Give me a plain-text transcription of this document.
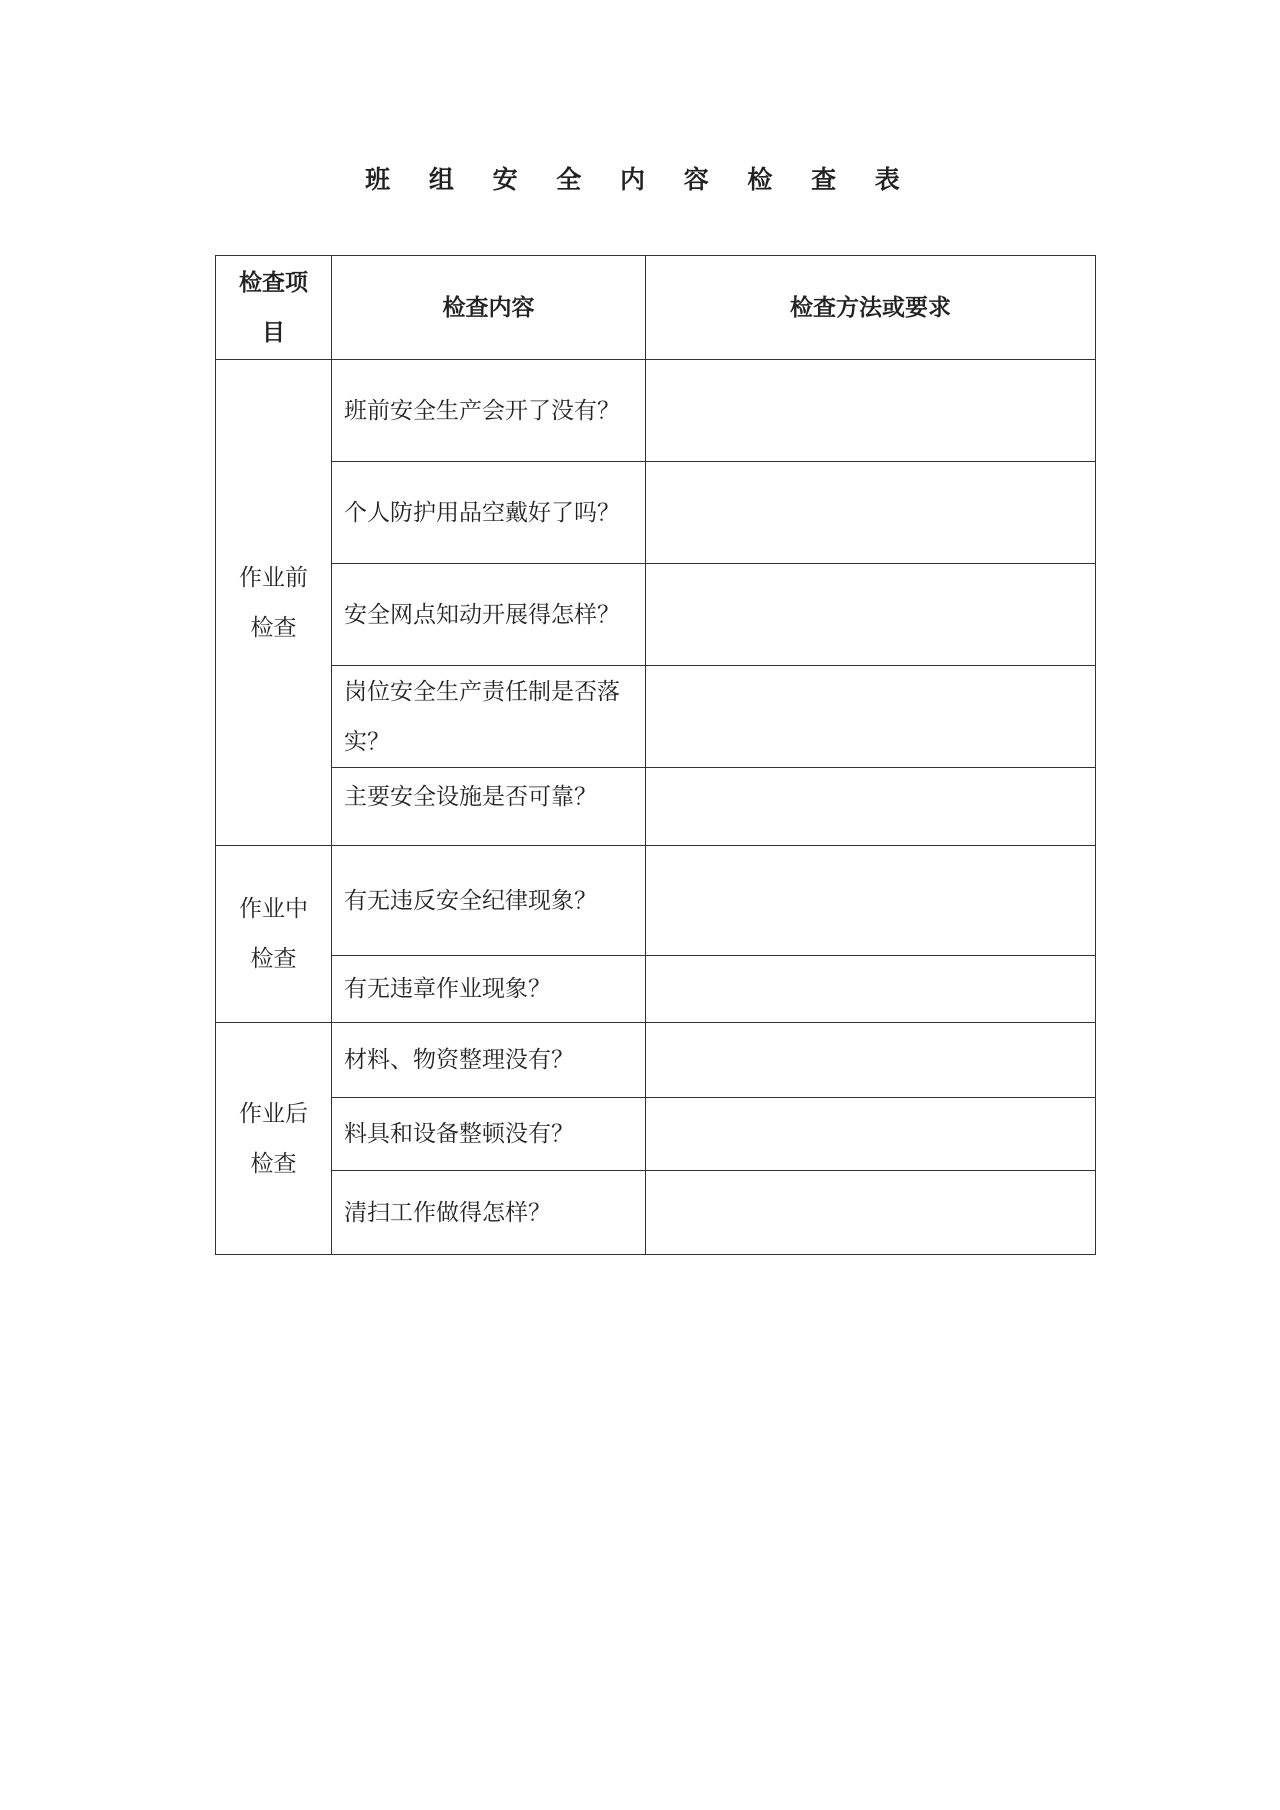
班 组 安 全 内 容 检 查 表
检查项目	检查内容	检查方法或要求
作业前检查	班前安全生产会开了没有？	
	个人防护用品空戴好了吗？	
	安全网点知动开展得怎样？	
	岗位安全生产责任制是否落实？	
	主要安全设施是否可靠？	
作业中检查	有无违反安全纪律现象？	
	有无违章作业现象？	
作业后检查	材料、物资整理没有？	
	料具和设备整顿没有？	
	清扫工作做得怎样？	
